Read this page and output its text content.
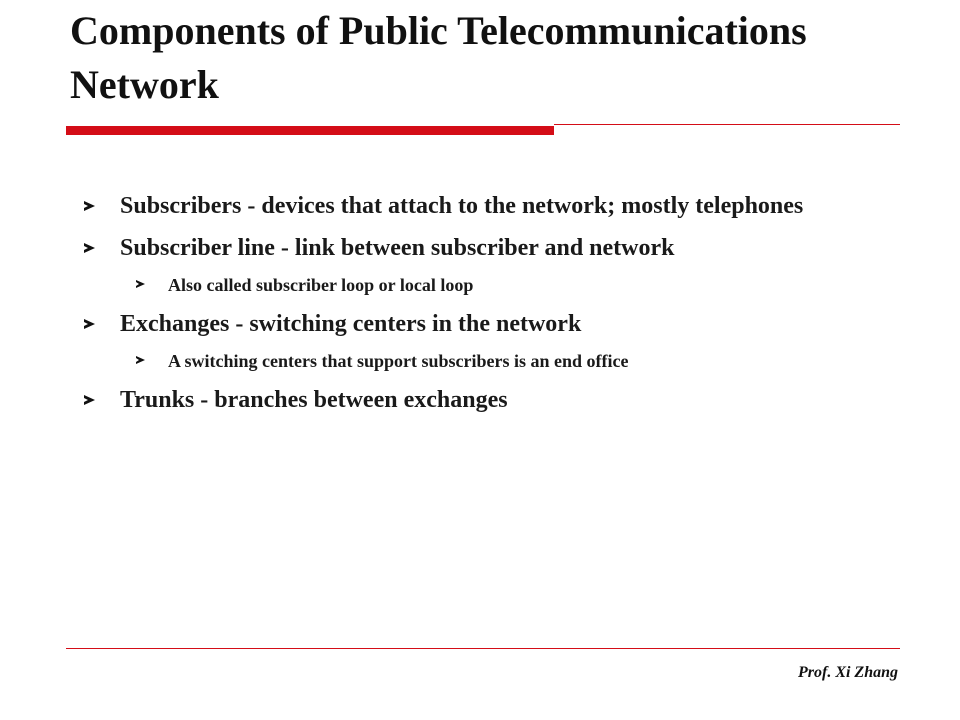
Components of Public Telecommunications Network
Subscribers - devices that attach to the network; mostly telephones
Subscriber line - link between subscriber and network
Also called subscriber loop or local loop
Exchanges - switching centers in the network
A switching centers that support subscribers is an end office
Trunks - branches between exchanges
Prof. Xi Zhang
